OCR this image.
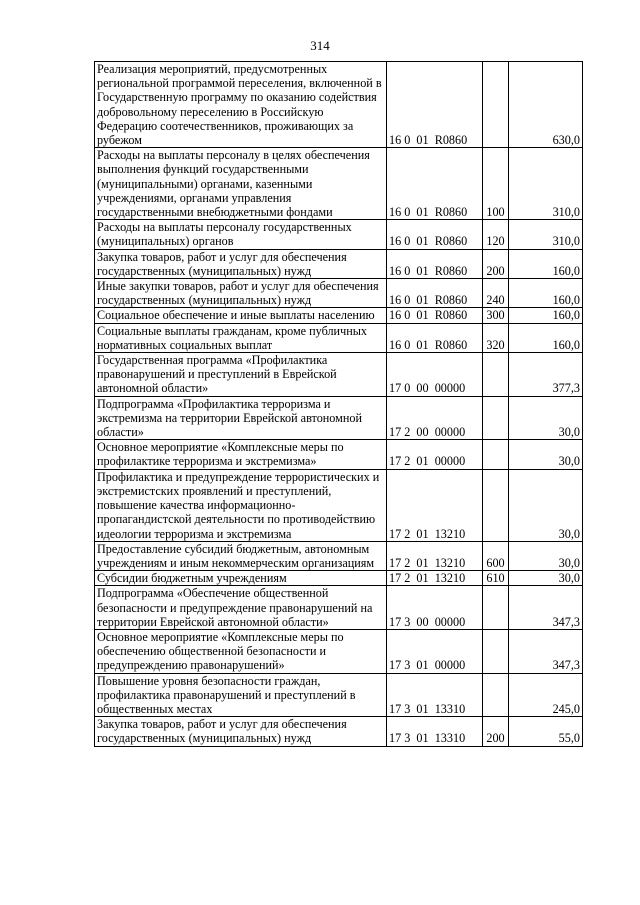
314
Реализация мероприятий, предусмотренных региональной программой переселения, включенной в Государственную программу по оказанию содействия добровольному переселению в Российскую Федерацию соотечественников, проживающих за рубежом	16 0  01  R0860		630,0
Расходы на выплаты персоналу в целях обеспечения выполнения функций государственными (муниципальными) органами, казенными учреждениями, органами управления государственными внебюджетными фондами	16 0  01  R0860	100	310,0
Расходы на выплаты персоналу государственных (муниципальных) органов	16 0  01  R0860	120	310,0
Закупка товаров, работ и услуг для обеспечения государственных (муниципальных) нужд	16 0  01  R0860	200	160,0
Иные закупки товаров, работ и услуг для обеспечения государственных (муниципальных) нужд	16 0  01  R0860	240	160,0
Социальное обеспечение и иные выплаты населению	16 0  01  R0860	300	160,0
Социальные выплаты гражданам, кроме публичных нормативных социальных выплат	16 0  01  R0860	320	160,0
Государственная программа «Профилактика правонарушений и преступлений в Еврейской автономной области»	17 0  00  00000		377,3
Подпрограмма «Профилактика терроризма и экстремизма на территории Еврейской автономной области»	17 2  00  00000		30,0
Основное мероприятие «Комплексные меры по профилактике терроризма и экстремизма»	17 2  01  00000		30,0
Профилактика и предупреждение террористических и экстремистских проявлений и преступлений, повышение качества информационно-пропагандистской деятельности по противодействию идеологии терроризма и экстремизма	17 2  01  13210		30,0
Предоставление субсидий бюджетным, автономным учреждениям и иным некоммерческим организациям	17 2  01  13210	600	30,0
Субсидии бюджетным учреждениям	17 2  01  13210	610	30,0
Подпрограмма «Обеспечение общественной безопасности и предупреждение правонарушений на территории Еврейской автономной области»	17 3  00  00000		347,3
Основное мероприятие «Комплексные меры по обеспечению общественной безопасности и предупреждению правонарушений»	17 3  01  00000		347,3
Повышение уровня безопасности граждан, профилактика правонарушений и преступлений в общественных местах	17 3  01  13310		245,0
Закупка товаров, работ и услуг для обеспечения государственных (муниципальных) нужд	17 3  01  13310	200	55,0
